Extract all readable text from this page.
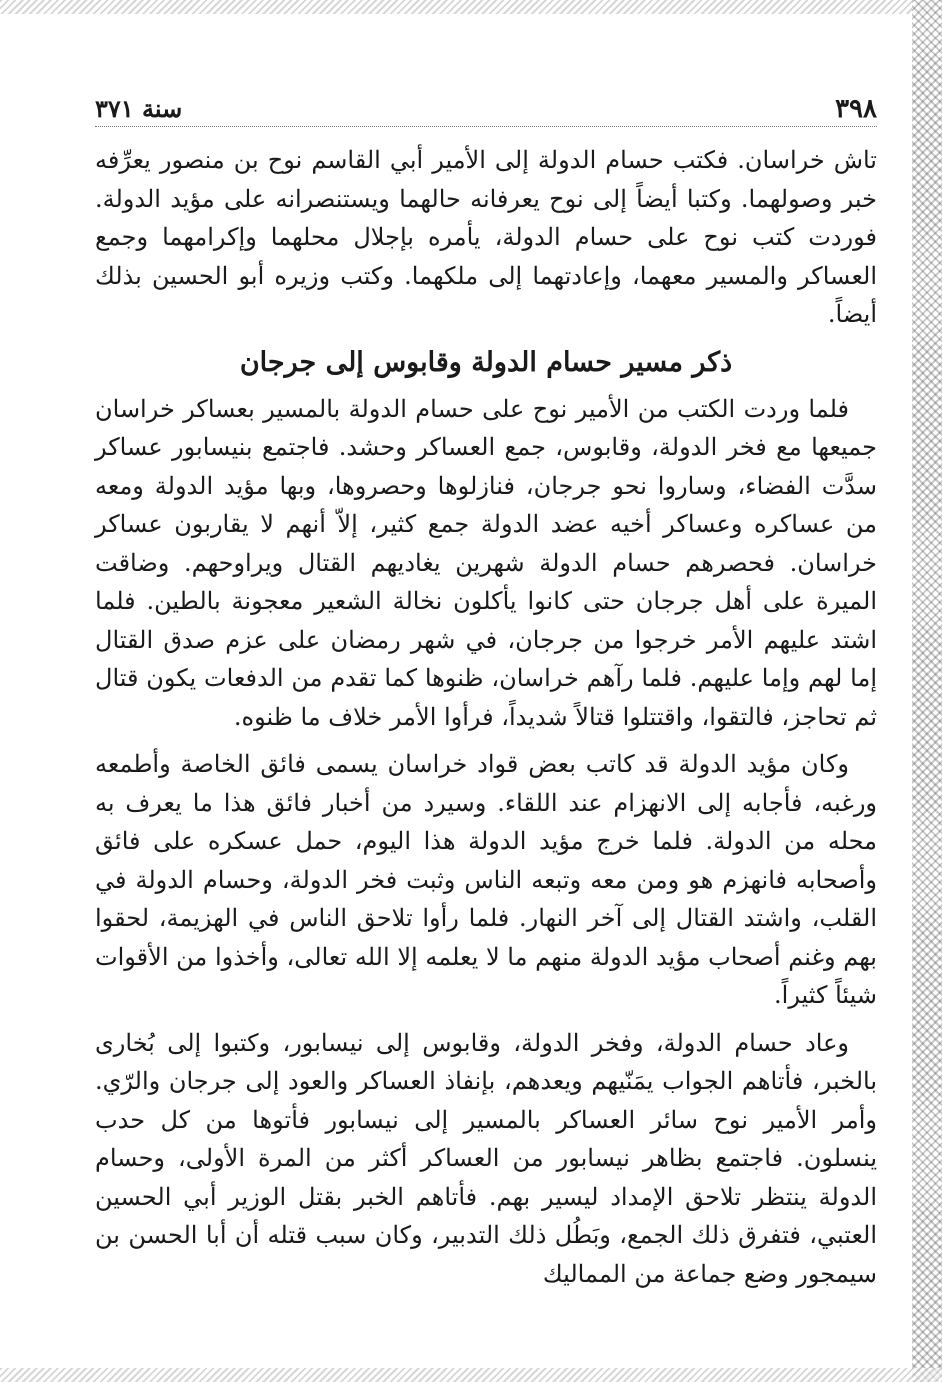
٣٩٨
سنة ٣٧١

تاش خراسان. فكتب حسام الدولة إلى الأمير أبي القاسم نوح بن منصور يعرِّفه خبر وصولهما. وكتبا أيضاً إلى نوح يعرفانه حالهما ويستنصرانه على مؤيد الدولة. فوردت كتب نوح على حسام الدولة، يأمره بإجلال محلهما وإكرامهما وجمع العساكر والمسير معهما، وإعادتهما إلى ملكهما. وكتب وزيره أبو الحسين بذلك أيضاً.

ذكر مسير حسام الدولة وقابوس إلى جرجان

فلما وردت الكتب من الأمير نوح على حسام الدولة بالمسير بعساكر خراسان جميعها مع فخر الدولة، وقابوس، جمع العساكر وحشد. فاجتمع بنيسابور عساكر سدَّت الفضاء، وساروا نحو جرجان، فنازلوها وحصروها، وبها مؤيد الدولة ومعه من عساكره وعساكر أخيه عضد الدولة جمع كثير، إلاّ أنهم لا يقاربون عساكر خراسان. فحصرهم حسام الدولة شهرين يغاديهم القتال ويراوحهم. وضاقت الميرة على أهل جرجان حتى كانوا يأكلون نخالة الشعير معجونة بالطين. فلما اشتد عليهم الأمر خرجوا من جرجان، في شهر رمضان على عزم صدق القتال إما لهم وإما عليهم. فلما رآهم خراسان، ظنوها كما تقدم من الدفعات يكون قتال ثم تحاجز، فالتقوا، واقتتلوا قتالاً شديداً، فرأوا الأمر خلاف ما ظنوه.

وكان مؤيد الدولة قد كاتب بعض قواد خراسان يسمى فائق الخاصة وأطمعه ورغبه، فأجابه إلى الانهزام عند اللقاء. وسيرد من أخبار فائق هذا ما يعرف به محله من الدولة. فلما خرج مؤيد الدولة هذا اليوم، حمل عسكره على فائق وأصحابه فانهزم هو ومن معه وتبعه الناس وثبت فخر الدولة، وحسام الدولة في القلب، واشتد القتال إلى آخر النهار. فلما رأوا تلاحق الناس في الهزيمة، لحقوا بهم وغنم أصحاب مؤيد الدولة منهم ما لا يعلمه إلا الله تعالى، وأخذوا من الأقوات شيئاً كثيراً.

وعاد حسام الدولة، وفخر الدولة، وقابوس إلى نيسابور، وكتبوا إلى بُخارى بالخبر، فأتاهم الجواب يمَنّيهم ويعدهم، بإنفاذ العساكر والعود إلى جرجان والرّي. وأمر الأمير نوح سائر العساكر بالمسير إلى نيسابور فأتوها من كل حدب ينسلون. فاجتمع بظاهر نيسابور من العساكر أكثر من المرة الأولى، وحسام الدولة ينتظر تلاحق الإمداد ليسير بهم. فأتاهم الخبر بقتل الوزير أبي الحسين العتبي، فتفرق ذلك الجمع، وبَطُل ذلك التدبير، وكان سبب قتله أن أبا الحسن بن سيمجور وضع جماعة من المماليك
